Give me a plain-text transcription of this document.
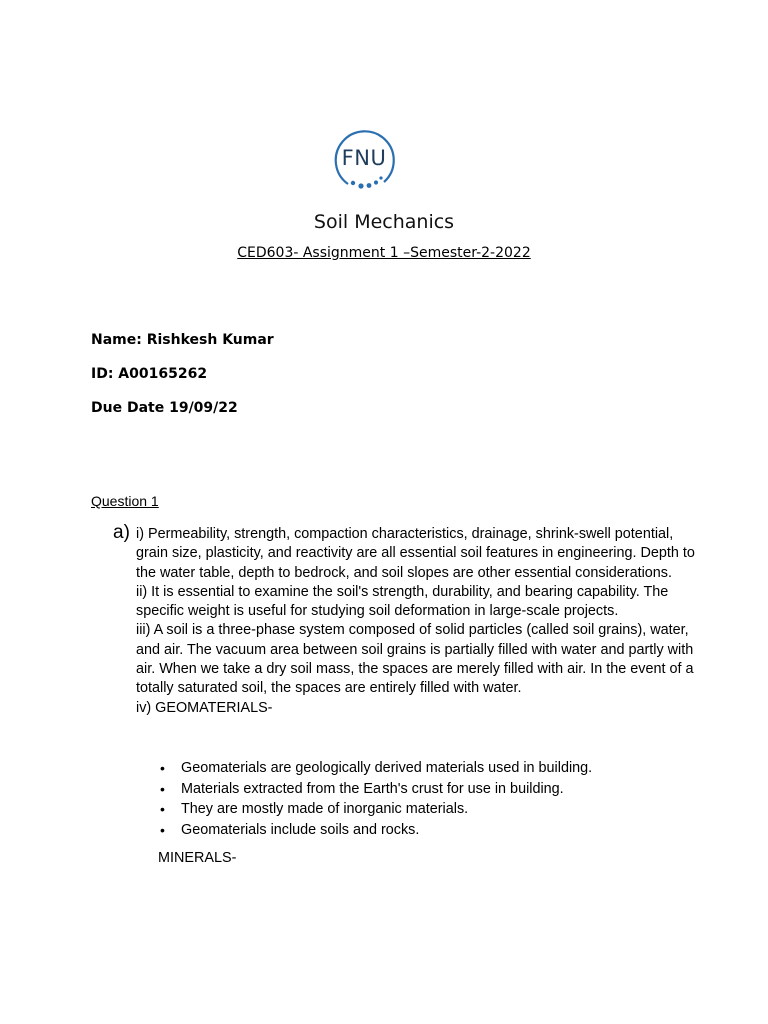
FNU
Soil Mechanics
CED603- Assignment 1 –Semester-2-2022
Name: Rishkesh Kumar
ID: A00165262
Due Date 19/09/22
Question 1
a) i) Permeability, strength, compaction characteristics, drainage, shrink-swell potential, grain size, plasticity, and reactivity are all essential soil features in engineering. Depth to the water table, depth to bedrock, and soil slopes are other essential considerations.

ii) It is essential to examine the soil's strength, durability, and bearing capability. The specific weight is useful for studying soil deformation in large-scale projects.

iii) A soil is a three-phase system composed of solid particles (called soil grains), water, and air. The vacuum area between soil grains is partially filled with water and partly with air. When we take a dry soil mass, the spaces are merely filled with air. In the event of a totally saturated soil, the spaces are entirely filled with water.

iv) GEOMATERIALS-

• Geomaterials are geologically derived materials used in building.
• Materials extracted from the Earth's crust for use in building.
• They are mostly made of inorganic materials.
• Geomaterials include soils and rocks.
MINERALS-
